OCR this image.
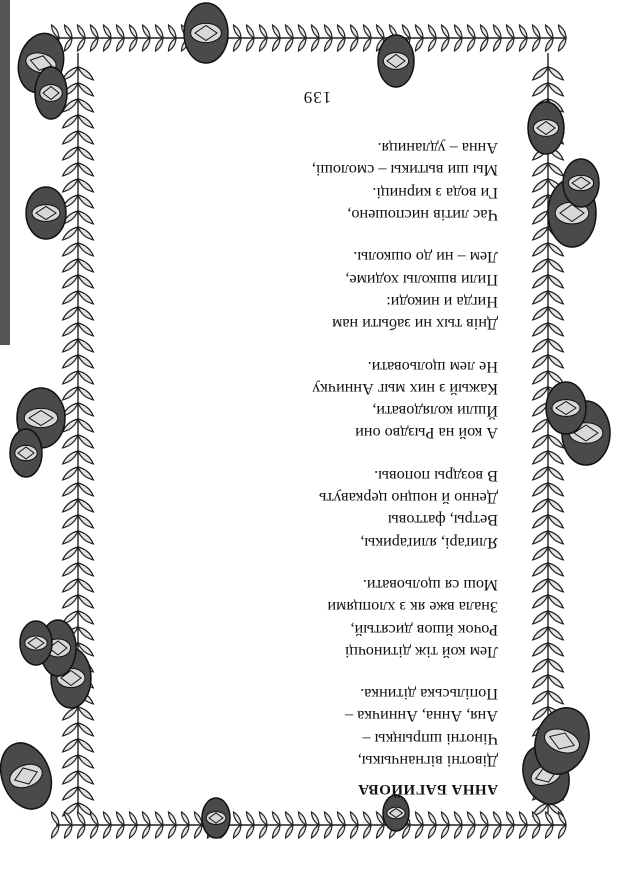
АННА БАГИЙОВА
139
Дівотні вігнанчыкы,
Чінотні шпрыңкы –
Аня, Анна, Анничка –
Попільська дітинка.
Лем кой тіж дітиночці
Рочок йшов дисятый,
Знала вже як з хлопцями
Мош ся щольовати.
Ялиґарі, ялиґарикы,
Ветры, фаттовы
Денно й нощно церкавуть
В воздры поповы.
А кой на Рыздво они
Йшли колядовати,
Кажый з них мыг Анничку
Не лем щольовати.
Днів тых ни забыти нам
Нигда и никоди:
Пили вшколы ходиме,
Лем – ни до ошколы.
Час литів ниспошено,
Ги вода з кирниці.
Мы ши вытикы – смолоші,
Анна – удланиця.
